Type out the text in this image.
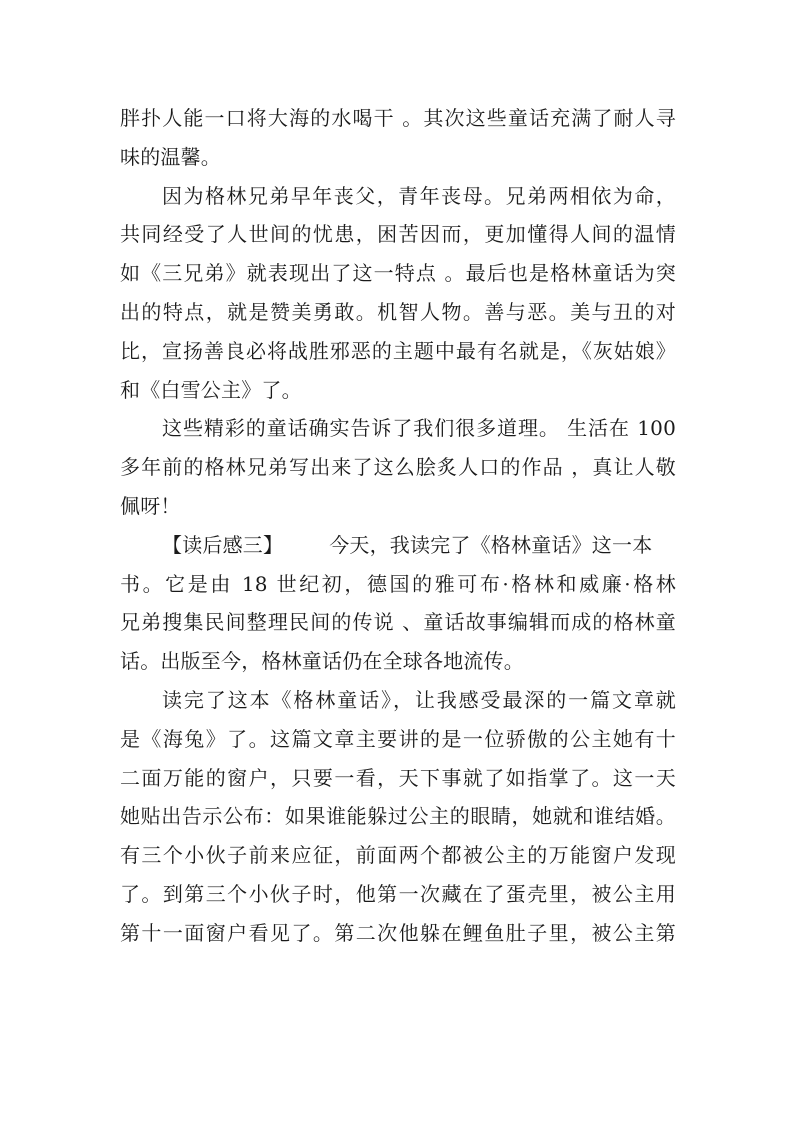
胖扑人能一口将大海的水喝干 。其次这些童话充满了耐人寻
味的温馨。
因为格林兄弟早年丧父，青年丧母。兄弟两相依为命，
共同经受了人世间的忧患，困苦因而，更加懂得人间的温情
如《三兄弟》就表现出了这一特点 。最后也是格林童话为突
出的特点，就是赞美勇敢。机智人物。善与恶。美与丑的对
比，宣扬善良必将战胜邪恶的主题中最有名就是，《灰姑娘》
和《白雪公主》了。
这些精彩的童话确实告诉了我们很多道理。 生活在 100
多年前的格林兄弟写出来了这么脍炙人口的作品 ，真让人敬
佩呀！
【读后感三】 今天，我读完了《格林童话》这一本
书。它是由 18 世纪初，德国的雅可布·格林和威廉·格林
兄弟搜集民间整理民间的传说 、童话故事编辑而成的格林童
话。出版至今，格林童话仍在全球各地流传。
读完了这本《格林童话》，让我感受最深的一篇文章就
是《海兔》了。这篇文章主要讲的是一位骄傲的公主她有十
二面万能的窗户，只要一看，天下事就了如指掌了。这一天
她贴出告示公布：如果谁能躲过公主的眼睛，她就和谁结婚。
有三个小伙子前来应征，前面两个都被公主的万能窗户发现
了。到第三个小伙子时，他第一次藏在了蛋壳里，被公主用
第十一面窗户看见了。第二次他躲在鲤鱼肚子里，被公主第
